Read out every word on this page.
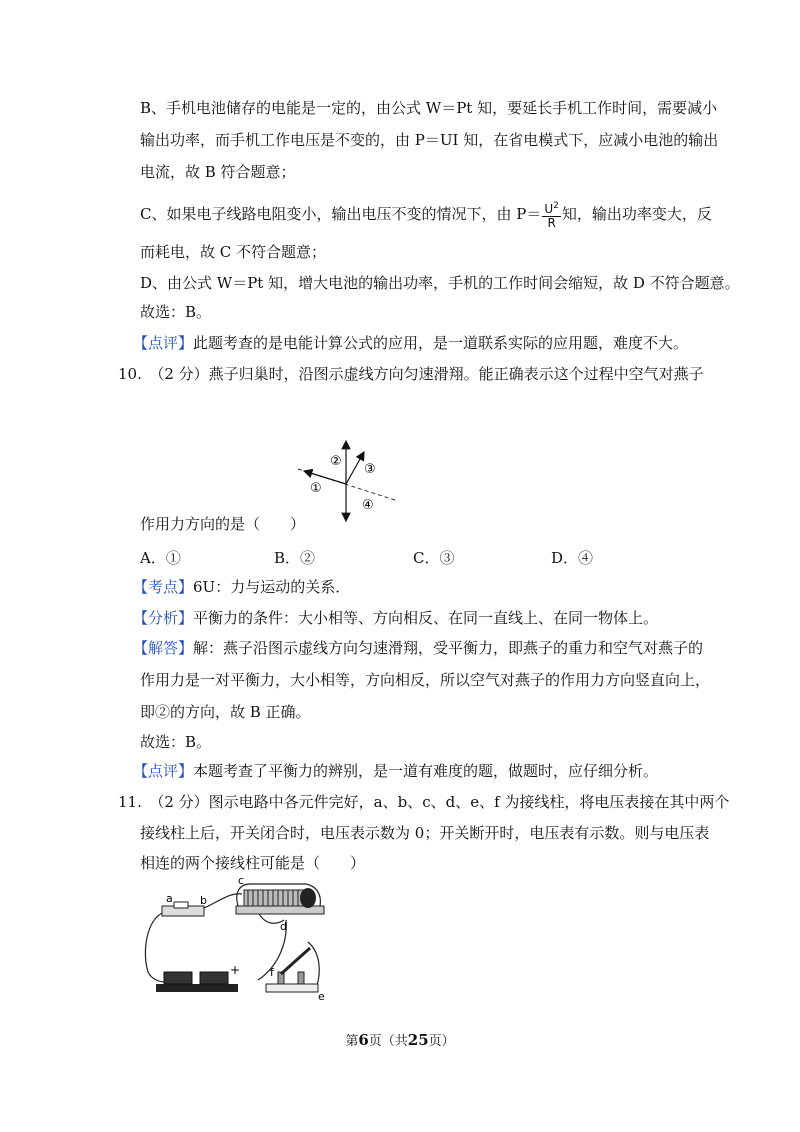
B、手机电池储存的电能是一定的，由公式 W＝Pt 知，要延长手机工作时间，需要减小
输出功率，而手机工作电压是不变的，由 P＝UI 知，在省电模式下，应减小电池的输出
电流，故 B 符合题意；
C、如果电子线路电阻变小，输出电压不变的情况下，由 $P= \frac{U^2}{R}$ 知，输出功率变大，反
而耗电，故 C 不符合题意；
D、由公式 W＝Pt 知，增大电池的输出功率，手机的工作时间会缩短，故 D 不符合题意。
故选：B。
【点评】此题考查的是电能计算公式的应用，是一道联系实际的应用题，难度不大。
10.　（2 分）燕子归巢时，沿图示虚线方向匀速滑翔。能正确表示这个过程中空气对燕子
①
②
③
④
作用力方向的是（　　）
A．①	B．②	C．③	D．④
【考点】6U：力与运动的关系．
【分析】平衡力的条件：大小相等、方向相反、在同一直线上、在同一物体上。
【解答】解：燕子沿图示虚线方向匀速滑翔，受平衡力，即燕子的重力和空气对燕子的
作用力是一对平衡力，大小相等，方向相反，所以空气对燕子的作用力方向竖直向上，
即②的方向，故 B 正确。
故选：B。
【点评】本题考查了平衡力的辨别，是一道有难度的题，做题时，应仔细分析。
11.　（2 分）图示电路中各元件完好，a、b、c、d、e、f 为接线柱，将电压表接在其中两个
接线柱上后，开关闭合时，电压表示数为 0；开关断开时，电压表有示数。则与电压表
相连的两个接线柱可能是（　　）
a b
c
d
e
f
+
第6页（共25页）
